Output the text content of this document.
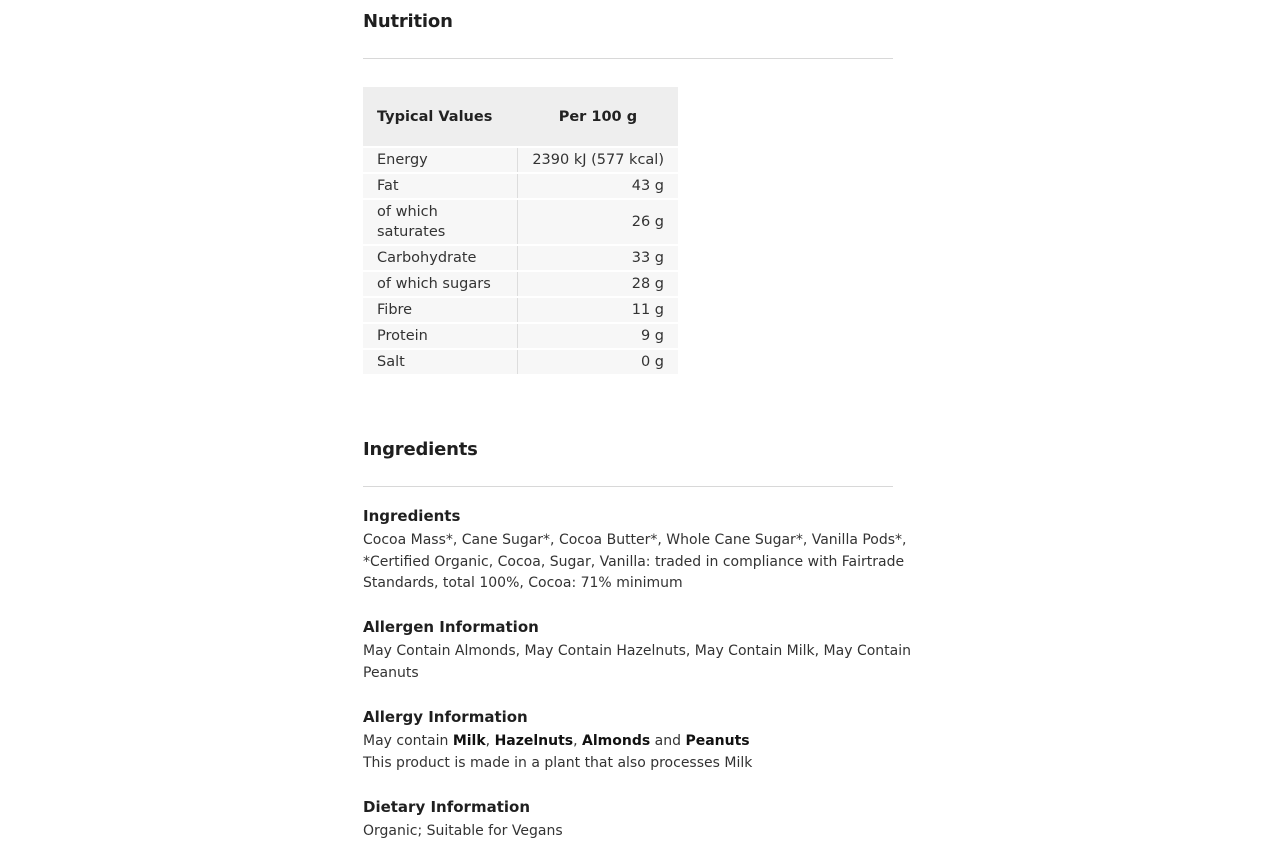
Nutrition
Typical Values	Per 100 g
Energy	2390 kJ (577 kcal)
Fat	43 g
of which saturates	26 g
Carbohydrate	33 g
of which sugars	28 g
Fibre	11 g
Protein	9 g
Salt	0 g
Ingredients
Ingredients

Cocoa Mass*, Cane Sugar*, Cocoa Butter*, Whole Cane Sugar*, Vanilla Pods*, *Certified Organic, Cocoa, Sugar, Vanilla: traded in compliance with Fairtrade Standards, total 100%, Cocoa: 71% minimum

Allergen Information

May Contain Almonds, May Contain Hazelnuts, May Contain Milk, May Contain Peanuts

Allergy Information

May contain Milk, Hazelnuts, Almonds and Peanuts

This product is made in a plant that also processes Milk

Dietary Information

Organic; Suitable for Vegans
